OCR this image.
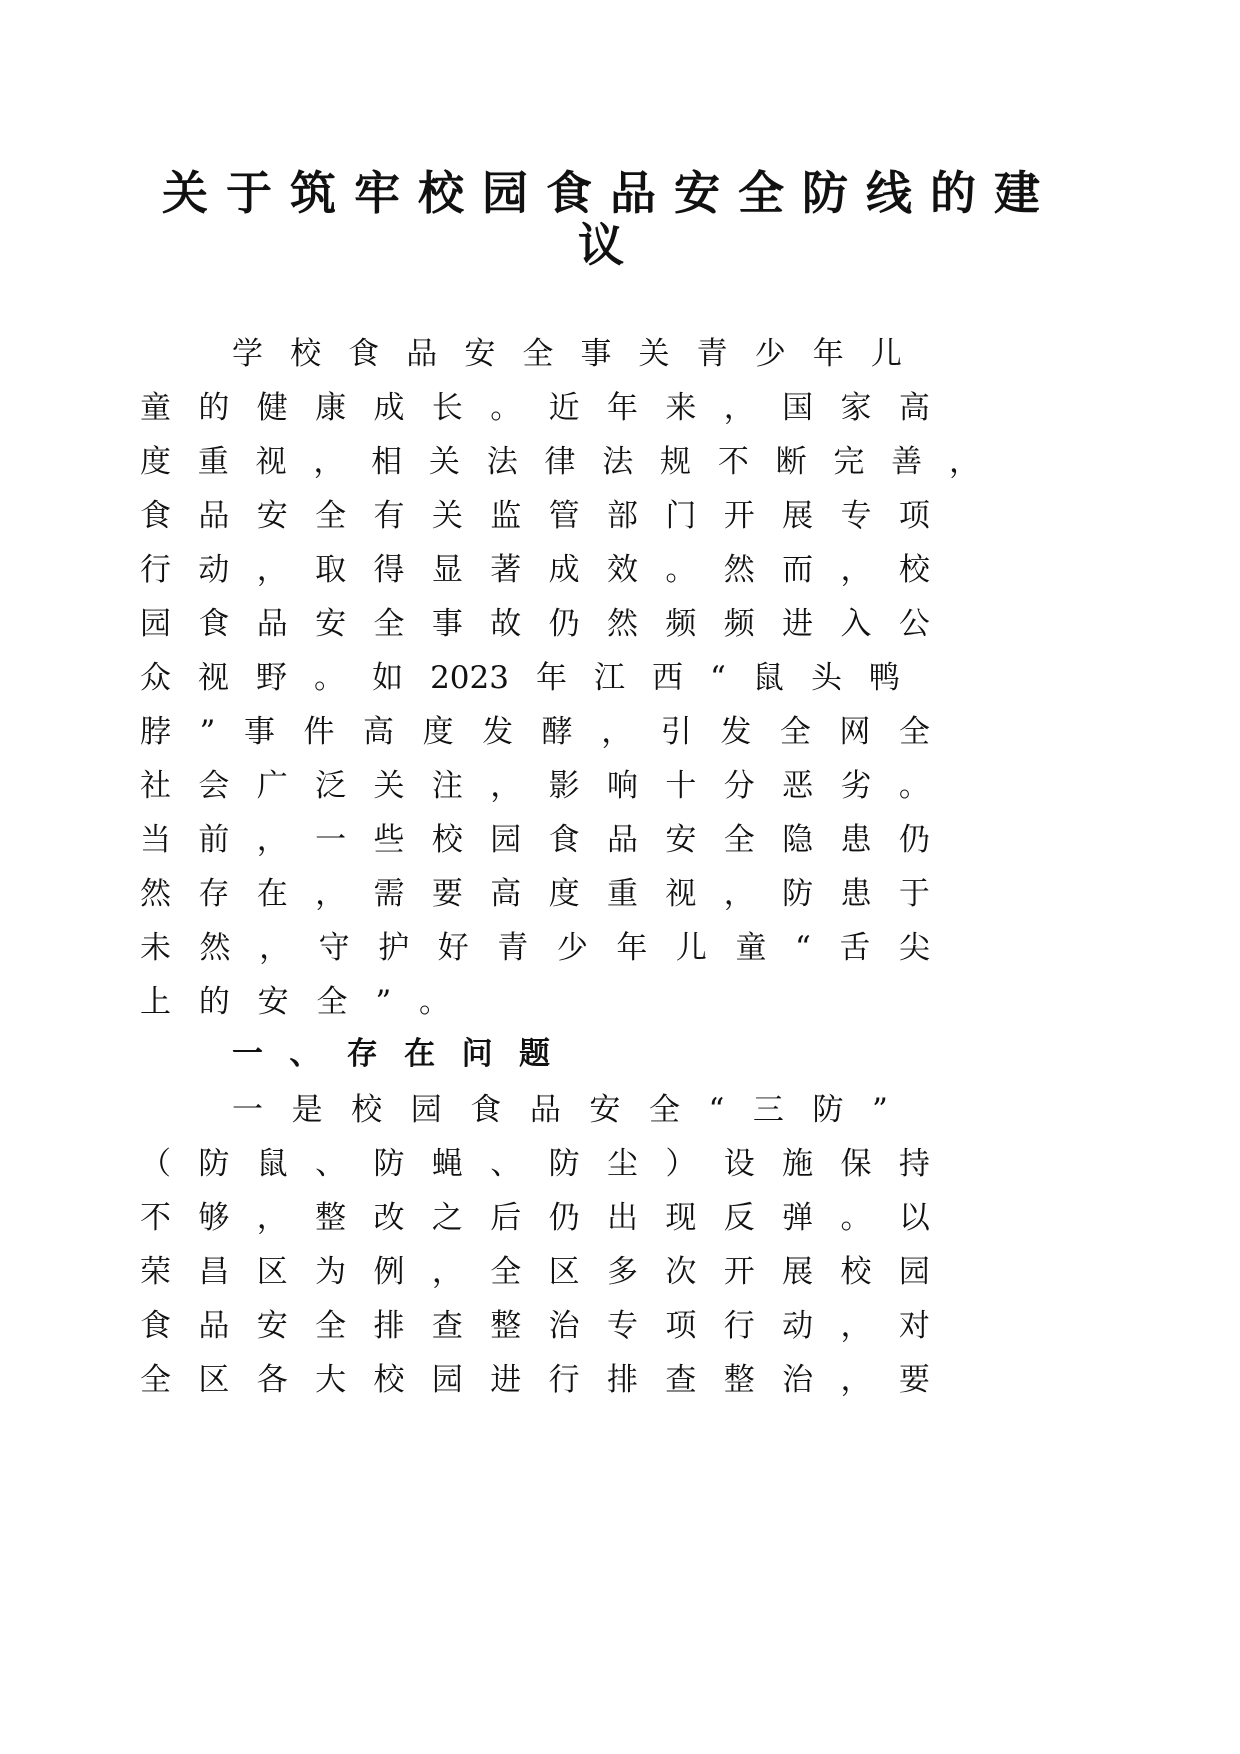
关于筑牢校园食品安全防线的建
议
学 校 食 品 安 全 事 关 青 少 年 儿
童 的 健 康 成 长 。 近 年 来 ， 国 家 高
度 重 视 ， 相 关 法 律 法 规 不 断 完 善 ，
食 品 安 全 有 关 监 管 部 门 开 展 专 项
行 动 ， 取 得 显 著 成 效 。 然 而 ， 校
园 食 品 安 全 事 故 仍 然 频 频 进 入 公
众 视 野 。 如 2023 年 江 西 “ 鼠 头 鸭
脖 ” 事 件 高 度 发 酵 ， 引 发 全 网 全
社 会 广 泛 关 注 ， 影 响 十 分 恶 劣 。
当 前 ， 一 些 校 园 食 品 安 全 隐 患 仍
然 存 在 ， 需 要 高 度 重 视 ， 防 患 于
未 然 ， 守 护 好 青 少 年 儿 童 “ 舌 尖
上 的 安 全 ” 。
一 、 存 在 问 题
一 是 校 园 食 品 安 全 “ 三 防 ”
（ 防 鼠 、 防 蝇 、 防 尘 ） 设 施 保 持
不 够 ， 整 改 之 后 仍 出 现 反 弹 。 以
荣 昌 区 为 例 ， 全 区 多 次 开 展 校 园
食 品 安 全 排 查 整 治 专 项 行 动 ， 对
全 区 各 大 校 园 进 行 排 查 整 治 ， 要
